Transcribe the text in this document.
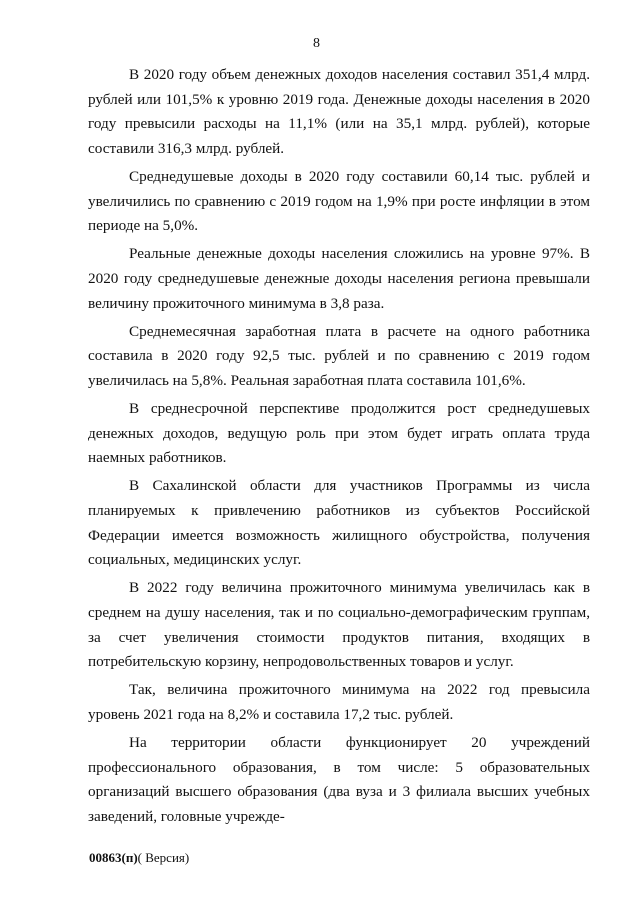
8

В 2020 году объем денежных доходов населения составил 351,4 млрд. рублей или 101,5% к уровню 2019 года. Денежные доходы населения в 2020 году превысили расходы на 11,1% (или на 35,1 млрд. рублей), которые составили 316,3 млрд. рублей.

Среднедушевые доходы в 2020 году составили 60,14 тыс. рублей и увеличились по сравнению с 2019 годом на 1,9% при росте инфляции в этом периоде на 5,0%.

Реальные денежные доходы населения сложились на уровне 97%. В 2020 году среднедушевые денежные доходы населения региона превышали величину прожиточного минимума в 3,8 раза.

Среднемесячная заработная плата в расчете на одного работника составила в 2020 году 92,5 тыс. рублей и по сравнению с 2019 годом увеличилась на 5,8%. Реальная заработная плата составила 101,6%.

В среднесрочной перспективе продолжится рост среднедушевых денежных доходов, ведущую роль при этом будет играть оплата труда наемных работников.

В Сахалинской области для участников Программы из числа планируемых к привлечению работников из субъектов Российской Федерации имеется возможность жилищного обустройства, получения социальных, медицинских услуг.

В 2022 году величина прожиточного минимума увеличилась как в среднем на душу населения, так и по социально-демографическим группам, за счет увеличения стоимости продуктов питания, входящих в потребительскую корзину, непродовольственных товаров и услуг.

Так, величина прожиточного минимума на 2022 год превысила уровень 2021 года на 8,2% и составила 17,2 тыс. рублей.

На территории области функционирует 20 учреждений профессионального образования, в том числе: 5 образовательных организаций высшего образования (два вуза и 3 филиала высших учебных заведений, головные учрежде-

00863(п)( Версия)
